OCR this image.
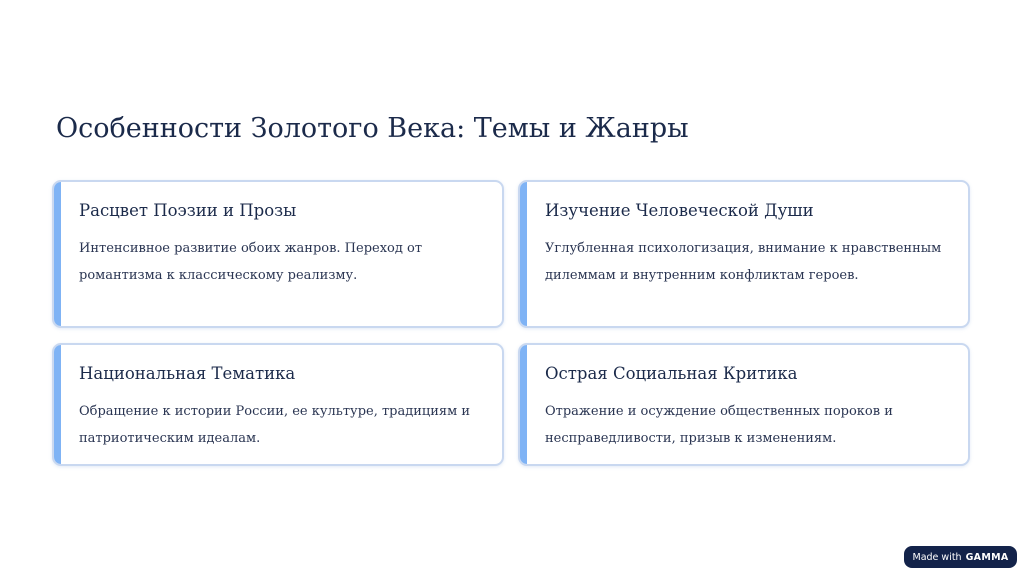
Особенности Золотого Века: Темы и Жанры
Расцвет Поэзии и Прозы

Интенсивное развитие обоих жанров. Переход от романтизма к классическому реализму.

Изучение Человеческой Души

Углубленная психологизация, внимание к нравственным дилеммам и внутренним конфликтам героев.

Национальная Тематика

Обращение к истории России, ее культуре, традициям и патриотическим идеалам.

Острая Социальная Критика

Отражение и осуждение общественных пороков и несправедливости, призыв к изменениям.

Made with GAMMA
